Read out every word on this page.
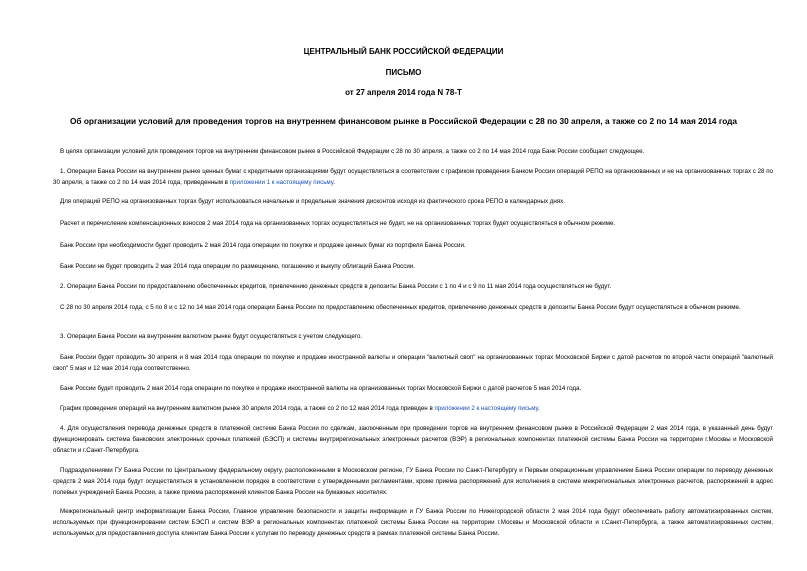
ЦЕНТРАЛЬНЫЙ БАНК РОССИЙСКОЙ ФЕДЕРАЦИИ
ПИСЬМО
от 27 апреля 2014 года N 78-Т
Об организации условий для проведения торгов на внутреннем финансовом рынке в Российской Федерации с 28 по 30 апреля, а также со 2 по 14 мая 2014 года

В целях организации условий для проведения торгов на внутреннем финансовом рынке в Российской Федерации с 28 по 30 апреля, а также со 2 по 14 мая 2014 года Банк России сообщает следующее.

1. Операции Банка России на внутреннем рынке ценных бумаг с кредитными организациями будут осуществляться в соответствии с графиком проведения Банком России операций РЕПО на организованных и не на организованных торгах с 28 по 30 апреля, а также со 2 по 14 мая 2014 года, приведенным в приложении 1 к настоящему письму.

Для операций РЕПО на организованных торгах будут использоваться начальные и предельные значения дисконтов исходя из фактического срока РЕПО в календарных днях.

Расчет и перечисление компенсационных взносов 2 мая 2014 года на организованных торгах осуществляться не будет, не на организованных торгах будет осуществляться в обычном режиме.

Банк России при необходимости будет проводить 2 мая 2014 года операции по покупке и продаже ценных бумаг из портфеля Банка России.

Банк России не будет проводить 2 мая 2014 года операции по размещению, погашению и выкупу облигаций Банка России.

2. Операции Банка России по предоставлению обеспеченных кредитов, привлечению денежных средств в депозиты Банка России с 1 по 4 и с 9 по 11 мая 2014 года осуществляться не будут.

С 28 по 30 апреля 2014 года, с 5 по 8 и с 12 по 14 мая 2014 года операции Банка России по предоставлению обеспеченных кредитов, привлечению денежных средств в депозиты Банка России будут осуществляться в обычном режиме.

3. Операции Банка России на внутреннем валютном рынке будут осуществляться с учетом следующего.

Банк России будет проводить 30 апреля и 8 мая 2014 года операции по покупке и продаже иностранной валюты и операции "валютный своп" на организованных торгах Московской Биржи с датой расчетов по второй части операций "валютный своп" 5 мая и 12 мая 2014 года соответственно.

Банк России будет проводить 2 мая 2014 года операции по покупке и продаже иностранной валюты на организованных торгах Московской Биржи с датой расчетов 5 мая 2014 года.

График проведения операций на внутреннем валютном рынке 30 апреля 2014 года, а также со 2 по 12 мая 2014 года приведен в приложении 2 к настоящему письму.

4. Для осуществления перевода денежных средств в платежной системе Банка России по сделкам, заключенным при проведении торгов на внутреннем финансовом рынке в Российской Федерации 2 мая 2014 года, в указанный день будут функционировать система банковских электронных срочных платежей (БЭСП) и системы внутрирегиональных электронных расчетов (ВЭР) в региональных компонентах платежной системы Банка России на территории г.Москвы и Московской области и г.Санкт-Петербурга.

Подразделениями ГУ Банка России по Центральному федеральному округу, расположенными в Московском регионе, ГУ Банка России по Санкт-Петербургу и Первым операционным управлением Банка России операции по переводу денежных средств 2 мая 2014 года будут осуществляться в установленном порядке в соответствии с утвержденными регламентами, кроме приема распоряжений для исполнения в системе межрегиональных электронных расчетов, распоряжений в адрес полевых учреждений Банка России, а также приема распоряжений клиентов Банка России на бумажных носителях.

Межрегиональный центр информатизации Банка России, Главное управление безопасности и защиты информации и ГУ Банка России по Нижегородской области 2 мая 2014 года будут обеспечивать работу автоматизированных систем, используемых при функционировании систем БЭСП и систем ВЭР в региональных компонентах платежной системы Банка России на территории г.Москвы и Московской области и г.Санкт-Петербурга, а также автоматизированных систем, используемых для предоставления доступа клиентам Банка России к услугам по переводу денежных средств в рамках платежной системы Банка России.
